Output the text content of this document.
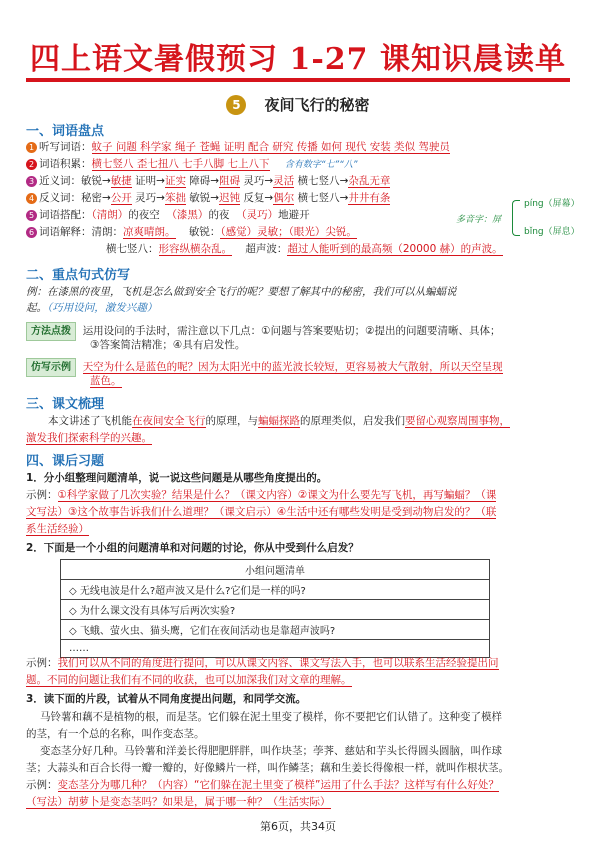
四上语文暑假预习 1-27 课知识晨读单
5 夜间飞行的秘密
一、词语盘点
1 听写词语：蚊子 问题 科学家 绳子 苍蝇 证明 配合 研究 传播 如何 现代 安装 类似 驾驶员
2 词语积累：横七竖八 歪七扭八 七手八脚 七上八下 含有数字“七”“八”
3 近义词：敏锐→敏捷 证明→证实 障碍→阻碍 灵巧→灵活 横七竖八→杂乱无章
4 反义词：秘密→公开 灵巧→笨拙 敏锐→迟钝 反复→偶尔 横七竖八→井井有条
5 词语搭配：（清朗）的夜空 （漆黑）的夜 （灵巧）地避开
6 词语解释：清朗：凉爽晴朗。 敏锐：（感觉）灵敏；（眼光）尖锐。
横七竖八：形容纵横杂乱。 超声波：超过人能听到的最高频（20000 赫）的声波。
多音字：屏
píng（屏幕）
bǐng（屏息）
二、重点句式仿写
例：在漆黑的夜里，飞机是怎么做到安全飞行的呢？要想了解其中的秘密，我们可以从蝙蝠说
起。（巧用设问，激发兴趣）
方法点拨 运用设问的手法时，需注意以下几点：①问题与答案要贴切；②提出的问题要清晰、具体；
③答案简洁精准；④具有启发性。
仿写示例 天空为什么是蓝色的呢？因为太阳光中的蓝光波长较短，更容易被大气散射，所以天空呈现
蓝色。
三、课文梳理
本文讲述了飞机能在夜间安全飞行的原理，与蝙蝠探路的原理类似，启发我们要留心观察周围事物，
激发我们探索科学的兴趣。
四、课后习题
1．分小组整理问题清单，说一说这些问题是从哪些角度提出的。
示例：①科学家做了几次实验？结果是什么？（课文内容）②课文为什么要先写飞机，再写蝙蝠？（课
文写法）③这个故事告诉我们什么道理？（课文启示）④生活中还有哪些发明是受到动物启发的？（联
系生活经验）
2．下面是一个小组的问题清单和对问题的讨论，你从中受到什么启发？
小组问题清单
◇ 无线电波是什么?超声波又是什么?它们是一样的吗?
◇ 为什么课文没有具体写后两次实验?
◇ 飞蛾、萤火虫、猫头鹰，它们在夜间活动也是靠超声波吗?
……
示例：我们可以从不同的角度进行提问，可以从课文内容、课文写法入手，也可以联系生活经验提出问
题。不同的问题让我们有不同的收获，也可以加深我们对文章的理解。
3．读下面的片段，试着从不同角度提出问题，和同学交流。
马铃薯和藕不是植物的根，而是茎。它们躲在泥土里变了模样，你不要把它们认错了。这种变了模样
的茎，有一个总的名称，叫作变态茎。
变态茎分好几种。马铃薯和洋姜长得肥肥胖胖，叫作块茎；荸荠、慈姑和芋头长得圆头圆脑，叫作球
茎；大蒜头和百合长得一瓣一瓣的，好像鳞片一样，叫作鳞茎；藕和生姜长得像根一样，就叫作根状茎。
示例：变态茎分为哪几种？（内容）“它们躲在泥土里变了模样”运用了什么手法？这样写有什么好处？
（写法）胡萝卜是变态茎吗？如果是，属于哪一种？（生活实际）
第6页，共34页
